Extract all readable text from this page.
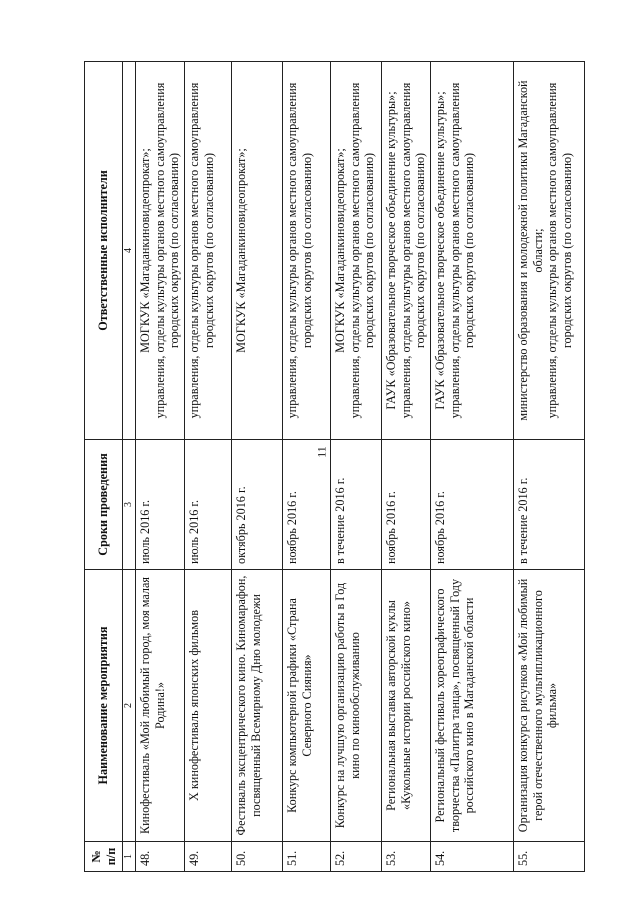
11
№ п/п	Наименование мероприятия	Сроки проведения	Ответственные исполнители
1	2	3	4
48.	Кинофестиваль «Мой любимый город, моя малая Родина!»	июль 2016 г.	МОГКУК «Магаданкиновидеопрокат»; управления, отделы культуры органов местного самоуправления городских округов (по согласованию)

49.	X кинофестиваль японских фильмов	июль 2016 г.	управления, отделы культуры органов местного самоуправления городских округов (по согласованию)

50.	Фестиваль эксцентрического кино. Киномарафон, посвященный Всемирному Дню молодежи	октябрь 2016 г.	МОГКУК «Магаданкиновидеопрокат»;

51.	Конкурс компьютерной графики «Страна Северного Сияния»	ноябрь 2016 г.	управления, отделы культуры органов местного самоуправления городских округов (по согласованию)

52.	Конкурс на лучшую организацию работы в Год кино по кинообслуживанию	в течение 2016 г.	МОГКУК «Магаданкиновидеопрокат»; управления, отделы культуры органов местного самоуправления городских округов (по согласованию)

53.	Региональная выставка авторской куклы «Кукольные истории российского кино»	ноябрь 2016 г.	ГАУК «Образовательное творческое объединение культуры»; управления, отделы культуры органов местного самоуправления городских округов (по согласованию)

54.	Региональный фестиваль хореографического творчества «Палитра танца», посвященный Году российского кино в Магаданской области	ноябрь 2016 г.	ГАУК «Образовательное творческое объединение культуры»; управления, отделы культуры органов местного самоуправления городских округов (по согласованию)

55.	Организация конкурса рисунков «Мой любимый герой отечественного мультипликационного фильма»	в течение 2016 г.	министерство образования и молодежной политики Магаданской области; управления, отделы культуры органов местного самоуправления городских округов (по согласованию)
